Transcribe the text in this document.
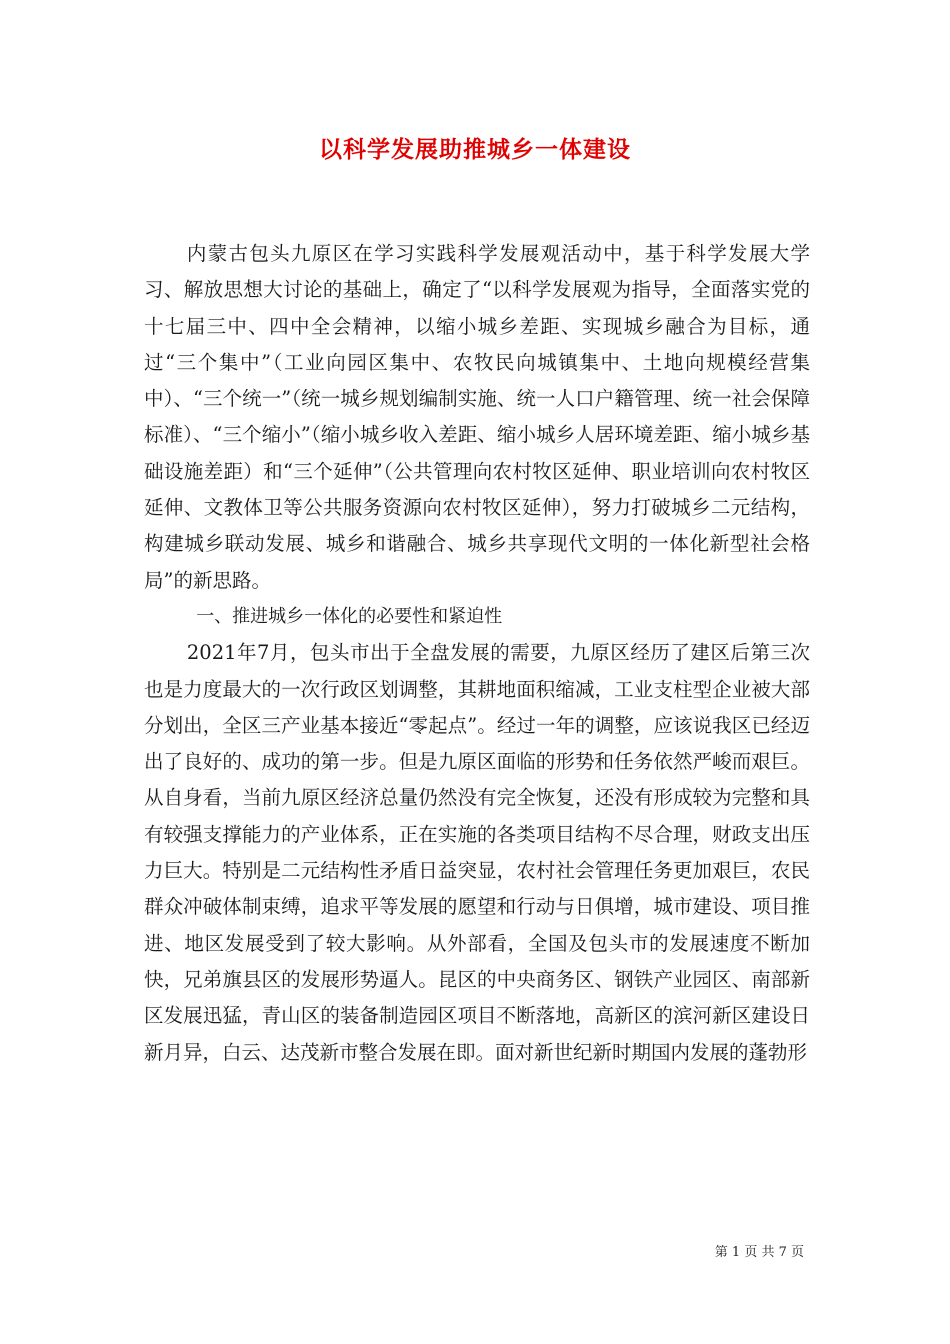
以科学发展助推城乡一体建设

内蒙古包头九原区在学习实践科学发展观活动中，基于科学发展大学习、解放思想大讨论的基础上，确定了“以科学发展观为指导，全面落实党的十七届三中、四中全会精神，以缩小城乡差距、实现城乡融合为目标，通过“三个集中”（工业向园区集中、农牧民向城镇集中、土地向规模经营集中）、“三个统一”（统一城乡规划编制实施、统一人口户籍管理、统一社会保障标准）、“三个缩小”（缩小城乡收入差距、缩小城乡人居环境差距、缩小城乡基础设施差距）和“三个延伸”（公共管理向农村牧区延伸、职业培训向农村牧区延伸、文教体卫等公共服务资源向农村牧区延伸），努力打破城乡二元结构，构建城乡联动发展、城乡和谐融合、城乡共享现代文明的一体化新型社会格局”的新思路。

一、推进城乡一体化的必要性和紧迫性

2021年7月，包头市出于全盘发展的需要，九原区经历了建区后第三次也是力度最大的一次行政区划调整，其耕地面积缩减，工业支柱型企业被大部分划出，全区三产业基本接近“零起点”。经过一年的调整，应该说我区已经迈出了良好的、成功的第一步。但是九原区面临的形势和任务依然严峻而艰巨。从自身看，当前九原区经济总量仍然没有完全恢复，还没有形成较为完整和具有较强支撑能力的产业体系，正在实施的各类项目结构不尽合理，财政支出压力巨大。特别是二元结构性矛盾日益突显，农村社会管理任务更加艰巨，农民群众冲破体制束缚，追求平等发展的愿望和行动与日俱增，城市建设、项目推进、地区发展受到了较大影响。从外部看，全国及包头市的发展速度不断加快，兄弟旗县区的发展形势逼人。昆区的中央商务区、钢铁产业园区、南部新区发展迅猛，青山区的装备制造园区项目不断落地，高新区的滨河新区建设日新月异，白云、达茂新市整合发展在即。面对新世纪新时期国内发展的蓬勃形

第 1 页 共 7 页
